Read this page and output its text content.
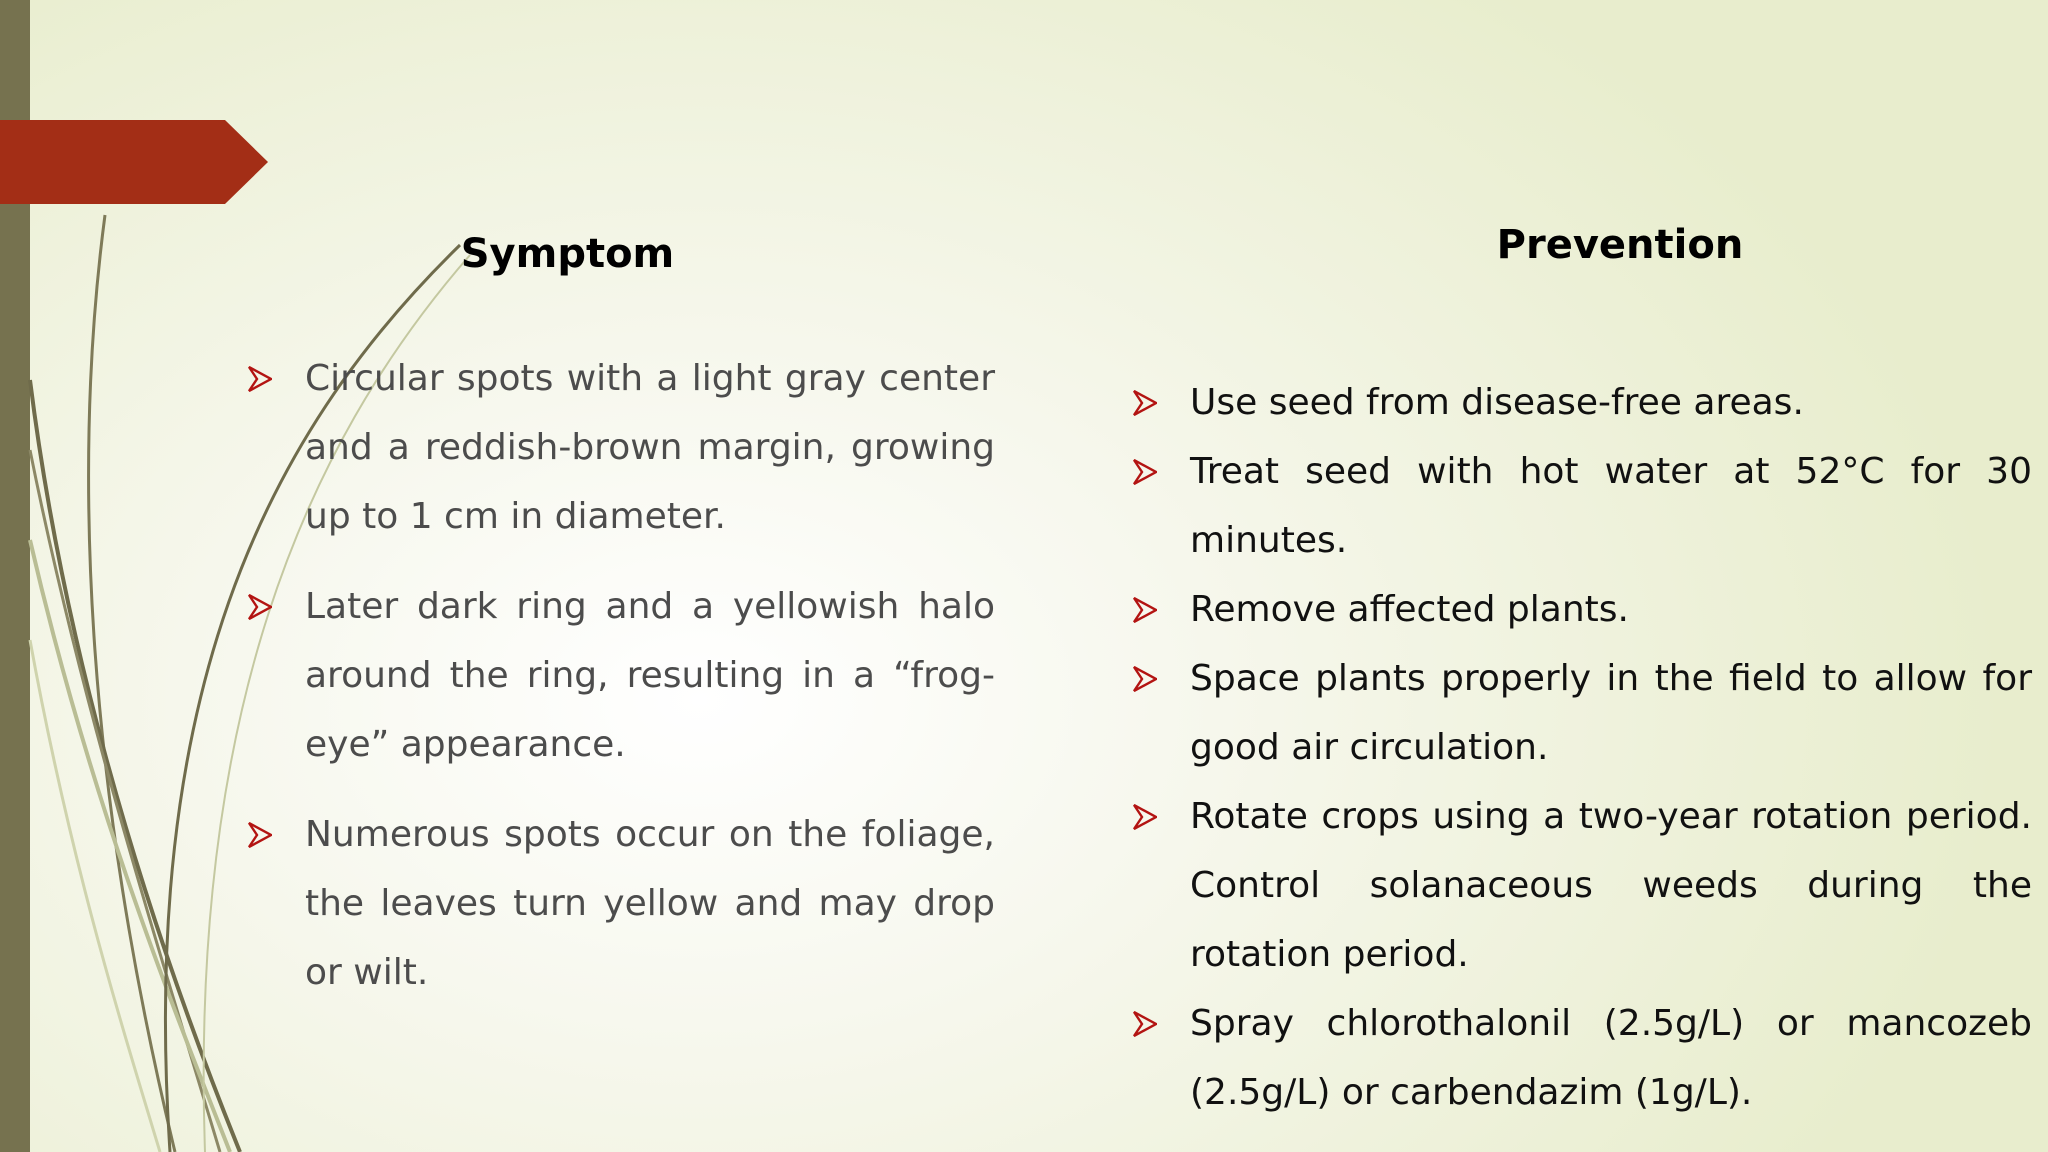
Symptom	Prevention
Circular spots with a light gray center and a reddish-brown margin, growing up to 1 cm in diameter.
Later dark ring and a yellowish halo around the ring, resulting in a “frog-eye” appearance.
Numerous spots occur on the foliage, the leaves turn yellow and may drop or wilt.
Use seed from disease-free areas.
Treat seed with hot water at 52°C for 30 minutes.
Remove affected plants.
Space plants properly in the field to allow for good air circulation.
Rotate crops using a two-year rotation period. Control solanaceous weeds during the rotation period.
Spray chlorothalonil (2.5g/L) or mancozeb (2.5g/L) or carbendazim (1g/L).
